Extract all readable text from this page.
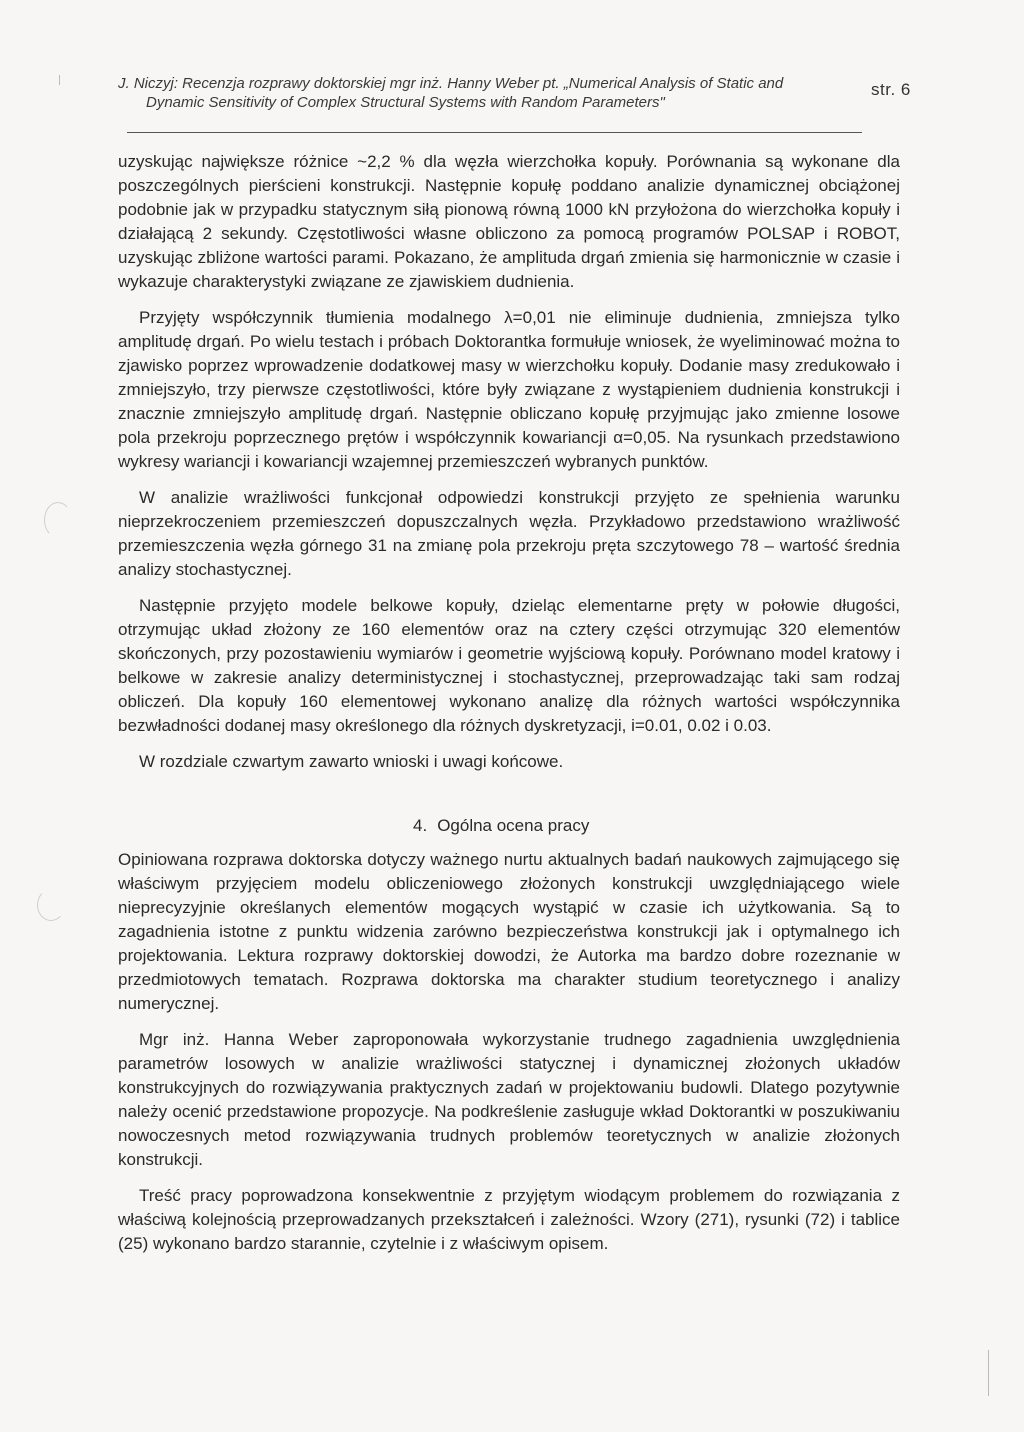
J. Niczyj: Recenzja rozprawy doktorskiej mgr inż. Hanny Weber pt. „Numerical Analysis of Static and
Dynamic Sensitivity of Complex Structural Systems with Random Parameters"
str. 6

uzyskując największe różnice ~2,2 % dla węzła wierzchołka kopuły. Porównania są wykonane dla poszczególnych pierścieni konstrukcji. Następnie kopułę poddano analizie dynamicznej obciążonej podobnie jak w przypadku statycznym siłą pionową równą 1000 kN przyłożona do wierzchołka kopuły i działającą 2 sekundy. Częstotliwości własne obliczono za pomocą programów POLSAP i ROBOT, uzyskując zbliżone wartości parami. Pokazano, że amplituda drgań zmienia się harmonicznie w czasie i wykazuje charakterystyki związane ze zjawiskiem dudnienia.

Przyjęty współczynnik tłumienia modalnego λ=0,01 nie eliminuje dudnienia, zmniejsza tylko amplitudę drgań. Po wielu testach i próbach Doktorantka formułuje wniosek, że wyeliminować można to zjawisko poprzez wprowadzenie dodatkowej masy w wierzchołku kopuły. Dodanie masy zredukowało i zmniejszyło, trzy pierwsze częstotliwości, które były związane z wystąpieniem dudnienia konstrukcji i znacznie zmniejszyło amplitudę drgań. Następnie obliczano kopułę przyjmując jako zmienne losowe pola przekroju poprzecznego prętów i współczynnik kowariancji α=0,05. Na rysunkach przedstawiono wykresy wariancji i kowariancji wzajemnej przemieszczeń wybranych punktów.

W analizie wrażliwości funkcjonał odpowiedzi konstrukcji przyjęto ze spełnienia warunku nieprzekroczeniem przemieszczeń dopuszczalnych węzła. Przykładowo przedstawiono wrażliwość przemieszczenia węzła górnego 31 na zmianę pola przekroju pręta szczytowego 78 – wartość średnia analizy stochastycznej.

Następnie przyjęto modele belkowe kopuły, dzieląc elementarne pręty w połowie długości, otrzymując układ złożony ze 160 elementów oraz na cztery części otrzymując 320 elementów skończonych, przy pozostawieniu wymiarów i geometrie wyjściową kopuły. Porównano model kratowy i belkowe w zakresie analizy deterministycznej i stochastycznej, przeprowadzając taki sam rodzaj obliczeń. Dla kopuły 160 elementowej wykonano analizę dla różnych wartości współczynnika bezwładności dodanej masy określonego dla różnych dyskretyzacji, i=0.01, 0.02 i 0.03.

W rozdziale czwartym zawarto wnioski i uwagi końcowe.

4. Ogólna ocena pracy

Opiniowana rozprawa doktorska dotyczy ważnego nurtu aktualnych badań naukowych zajmującego się właściwym przyjęciem modelu obliczeniowego złożonych konstrukcji uwzględniającego wiele nieprecyzyjnie określanych elementów mogących wystąpić w czasie ich użytkowania. Są to zagadnienia istotne z punktu widzenia zarówno bezpieczeństwa konstrukcji jak i optymalnego ich projektowania. Lektura rozprawy doktorskiej dowodzi, że Autorka ma bardzo dobre rozeznanie w przedmiotowych tematach. Rozprawa doktorska ma charakter studium teoretycznego i analizy numerycznej.

Mgr inż. Hanna Weber zaproponowała wykorzystanie trudnego zagadnienia uwzględnienia parametrów losowych w analizie wrażliwości statycznej i dynamicznej złożonych układów konstrukcyjnych do rozwiązywania praktycznych zadań w projektowaniu budowli. Dlatego pozytywnie należy ocenić przedstawione propozycje. Na podkreślenie zasługuje wkład Doktorantki w poszukiwaniu nowoczesnych metod rozwiązywania trudnych problemów teoretycznych w analizie złożonych konstrukcji.

Treść pracy poprowadzona konsekwentnie z przyjętym wiodącym problemem do rozwiązania z właściwą kolejnością przeprowadzanych przekształceń i zależności. Wzory (271), rysunki (72) i tablice (25) wykonano bardzo starannie, czytelnie i z właściwym opisem.
